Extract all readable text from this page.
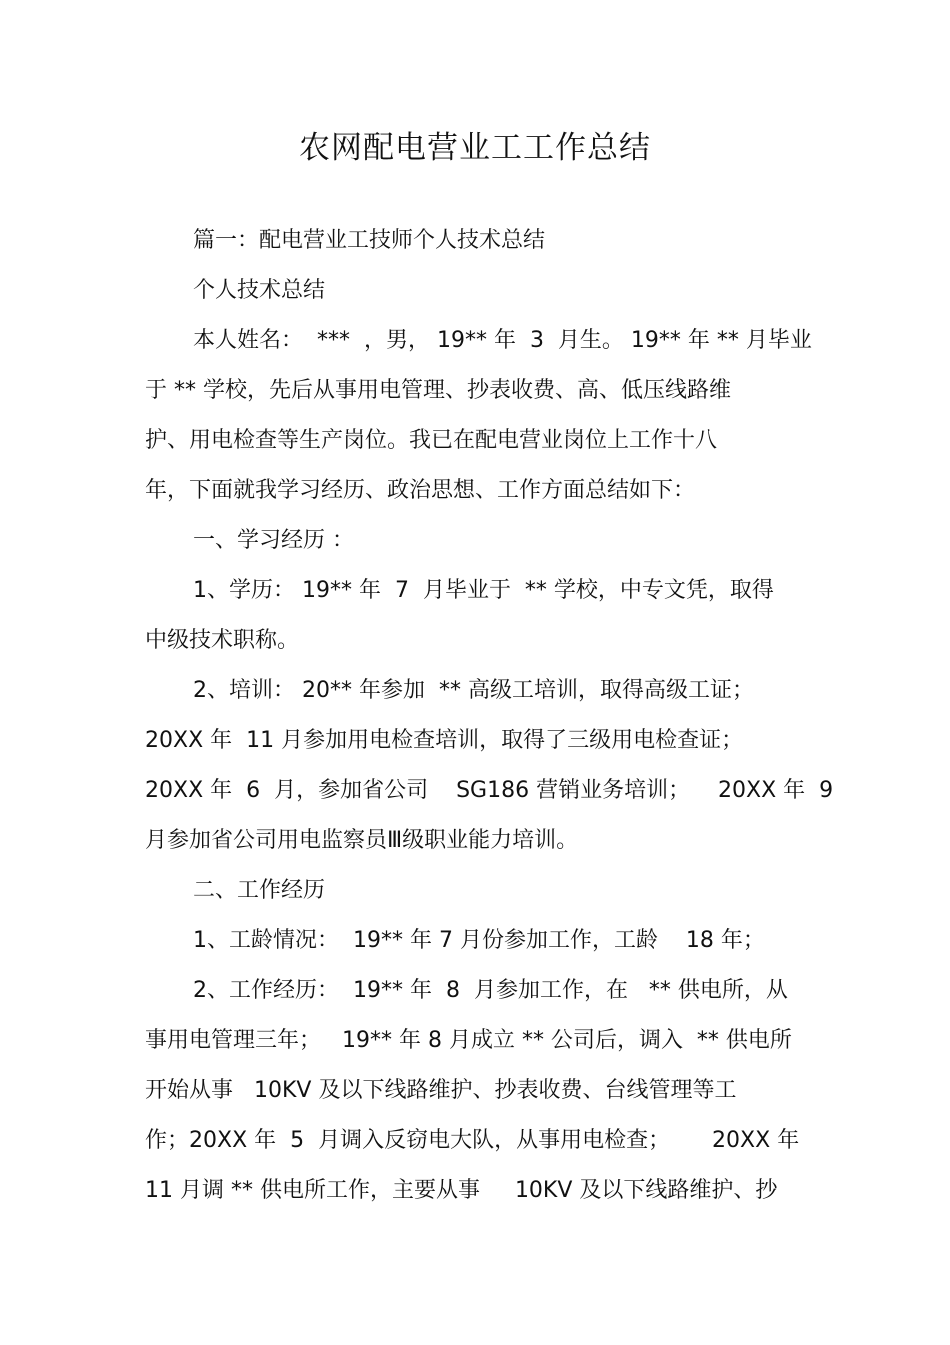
农网配电营业工工作总结
篇一：配电营业工技师个人技术总结
个人技术总结
本人姓名：  ***  ，男， 19** 年  3  月生。 19** 年 ** 月毕业
于 ** 学校，先后从事用电管理、抄表收费、高、低压线路维
护、用电检查等生产岗位。我已在配电营业岗位上工作十八
年，下面就我学习经历、政治思想、工作方面总结如下：
一、学习经历 ：
1、学历： 19** 年  7  月毕业于  ** 学校，中专文凭，取得
中级技术职称。
2、培训： 20** 年参加  ** 高级工培训，取得高级工证；
20XX 年  11 月参加用电检查培训，取得了三级用电检查证；
20XX 年  6  月，参加省公司    SG186 营销业务培训；    20XX 年  9
月参加省公司用电监察员Ⅲ级职业能力培训。
二、工作经历
1、工龄情况：  19** 年 7 月份参加工作，工龄    18 年；
2、工作经历：  19** 年  8  月参加工作，在   ** 供电所，从
事用电管理三年；   19** 年 8 月成立 ** 公司后，调入  ** 供电所
开始从事   10KV 及以下线路维护、抄表收费、台线管理等工
作；20XX 年  5  月调入反窃电大队，从事用电检查；      20XX 年
11 月调 ** 供电所工作，主要从事     10KV 及以下线路维护、抄
